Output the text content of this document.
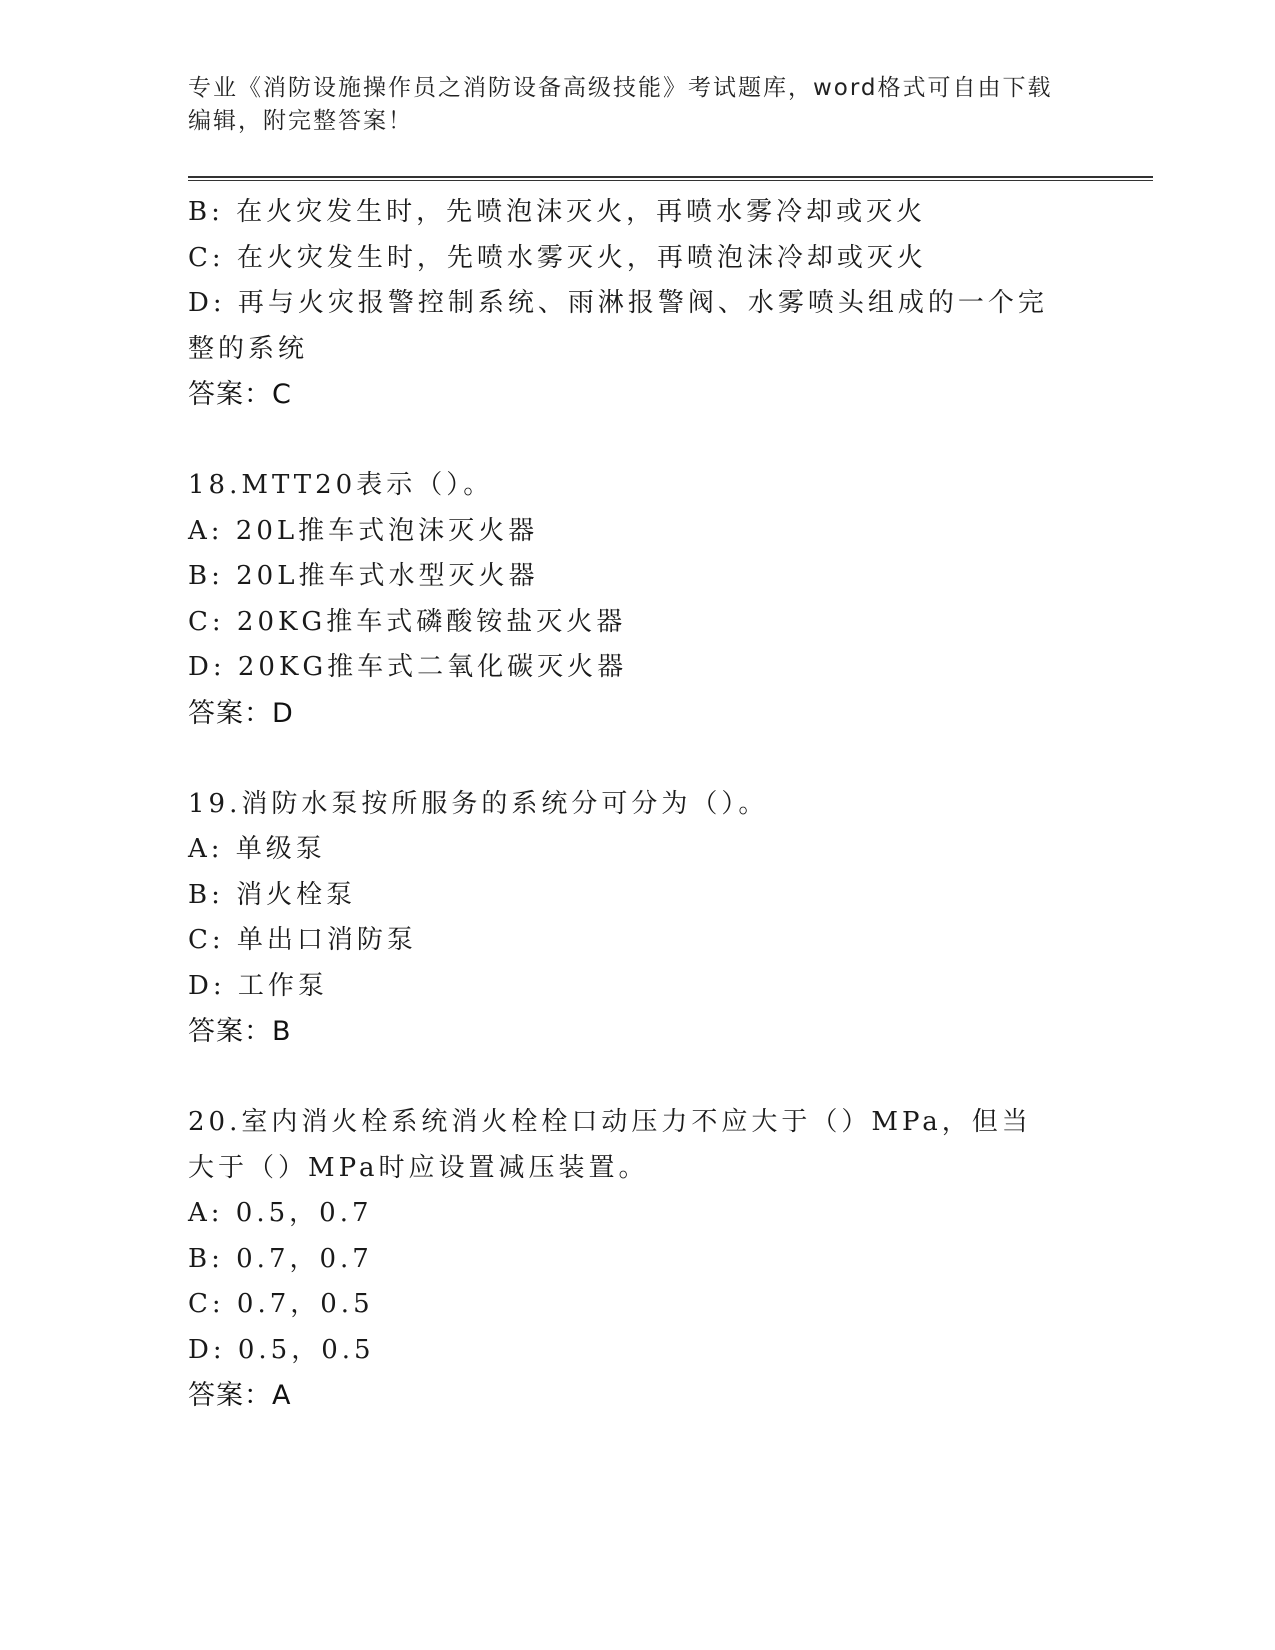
专业《消防设施操作员之消防设备高级技能》考试题库，word格式可自由下载编辑，附完整答案！
B: 在火灾发生时，先喷泡沫灭火，再喷水雾冷却或灭火
C: 在火灾发生时，先喷水雾灭火，再喷泡沫冷却或灭火
D: 再与火灾报警控制系统、雨淋报警阀、水雾喷头组成的一个完整的系统
答案：C
18.MTT20表示（）。
A: 20L推车式泡沫灭火器
B: 20L推车式水型灭火器
C: 20KG推车式磷酸铵盐灭火器
D: 20KG推车式二氧化碳灭火器
答案：D
19.消防水泵按所服务的系统分可分为（）。
A: 单级泵
B: 消火栓泵
C: 单出口消防泵
D: 工作泵
答案：B
20.室内消火栓系统消火栓栓口动压力不应大于（）MPa，但当大于（）MPa时应设置减压装置。
A: 0.5，0.7
B: 0.7，0.7
C: 0.7，0.5
D: 0.5，0.5
答案：A
